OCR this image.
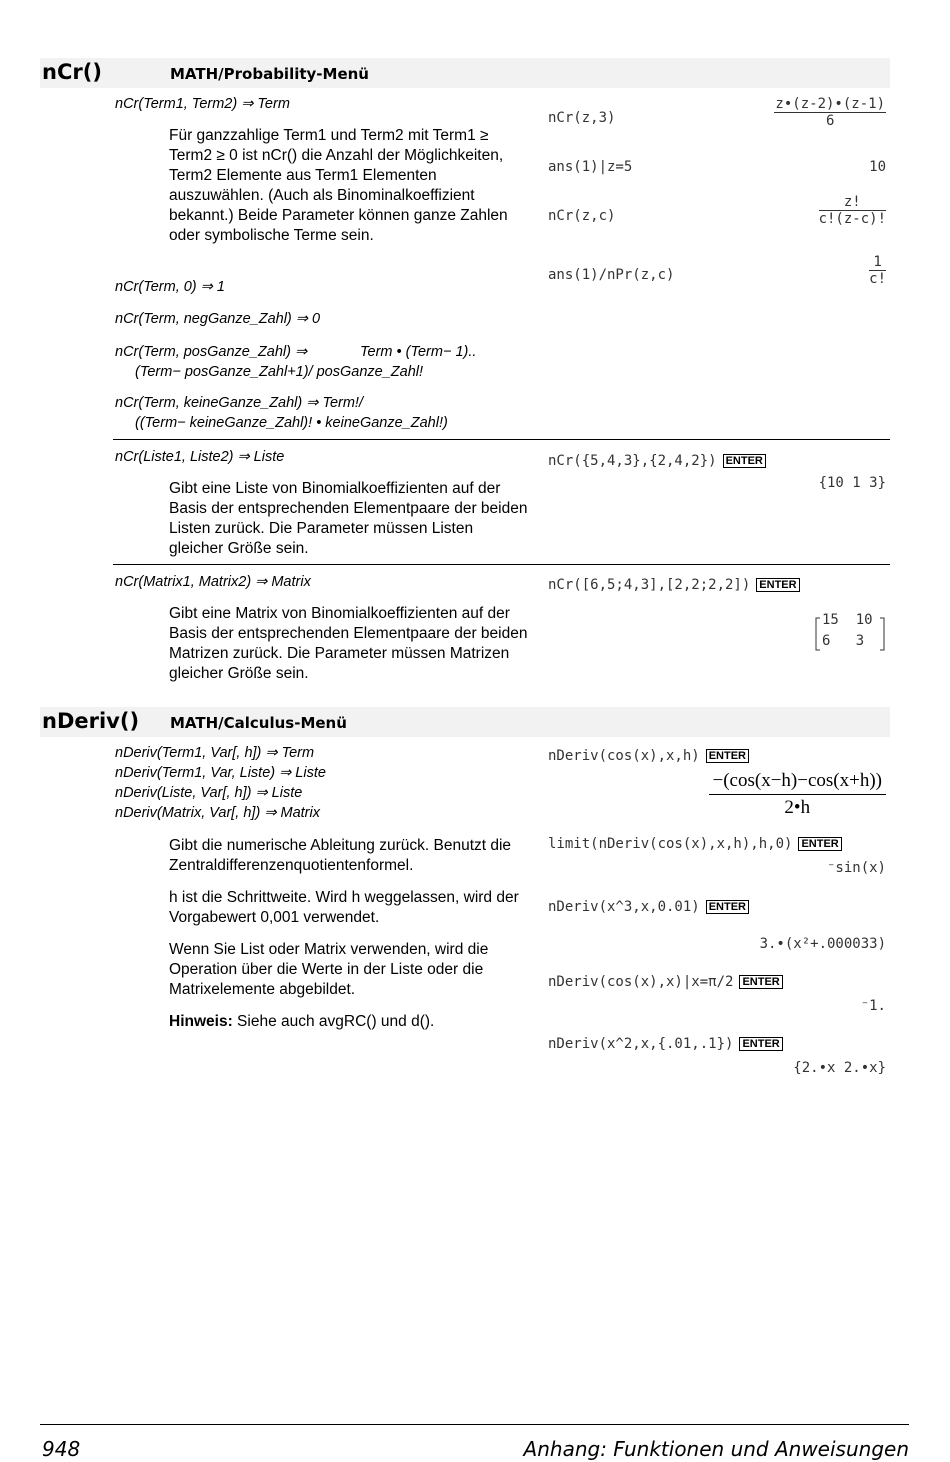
nCr()	MATH/Probability-Menü
nCr(Term1, Term2) ⇒ Term
Für ganzzahlige Term1 und Term2 mit Term1 ≥ Term2 ≥ 0 ist nCr() die Anzahl der Möglichkeiten, Term2 Elemente aus Term1 Elementen auszuwählen. (Auch als Binominalkoeffizient bekannt.) Beide Parameter können ganze Zahlen oder symbolische Terme sein.
nCr(Term, 0) ⇒ 1
nCr(Term, negGanze_Zahl) ⇒ 0
nCr(Term, posGanze_Zahl) ⇒	Term • (Term− 1)..
(Term− posGanze_Zahl+1)/ posGanze_Zahl!
nCr(Term, keineGanze_Zahl) ⇒ Term!/
((Term− keineGanze_Zahl)! • keineGanze_Zahl!)
nCr(z,3)	$\frac{z•(z-2)•(z-1)}{6}$
ans(1)|z=5	10
nCr(z,c)	$\frac{z!}{c!(z-c)!}$
ans(1)/nPr(z,c)	$\frac{1}{c!}$
nCr(Liste1, Liste2) ⇒ Liste
Gibt eine Liste von Binomialkoeffizienten auf der Basis der entsprechenden Elementpaare der beiden Listen zurück. Die Parameter müssen Listen gleicher Größe sein.
nCr({5,4,3},{2,4,2}) ENTER
{10 1 3}
nCr(Matrix1, Matrix2) ⇒ Matrix
Gibt eine Matrix von Binomialkoeffizienten auf der Basis der entsprechenden Elementpaare der beiden Matrizen zurück. Die Parameter müssen Matrizen gleicher Größe sein.
nCr([6,5;4,3],[2,2;2,2]) ENTER
15  10
6   3
nDeriv() MATH/Calculus-Menü
nDeriv(Term1, Var[, h]) ⇒ Term
nDeriv(Term1, Var, Liste) ⇒ Liste
nDeriv(Liste, Var[, h]) ⇒ Liste
nDeriv(Matrix, Var[, h]) ⇒ Matrix
Gibt die numerische Ableitung zurück. Benutzt die Zentraldifferenzenquotientenformel.
h ist die Schrittweite. Wird h weggelassen, wird der Vorgabewert 0,001 verwendet.
Wenn Sie List oder Matrix verwenden, wird die Operation über die Werte in der Liste oder die Matrixelemente abgebildet.
Hinweis: Siehe auch avgRC() und d().
nDeriv(cos(x),x,h) ENTER
$\frac{-(\cos(x-h)-\cos(x+h))}{2•h}$
limit(nDeriv(cos(x),x,h),h,0) ENTER
⁻sin(x)
nDeriv(x^3,x,0.01) ENTER
3.•(x²+.000033)
nDeriv(cos(x),x)|x=π/2 ENTER
⁻1.
nDeriv(x^2,x,{.01,.1}) ENTER
{2.•x 2.•x}
948	Anhang: Funktionen und Anweisungen
